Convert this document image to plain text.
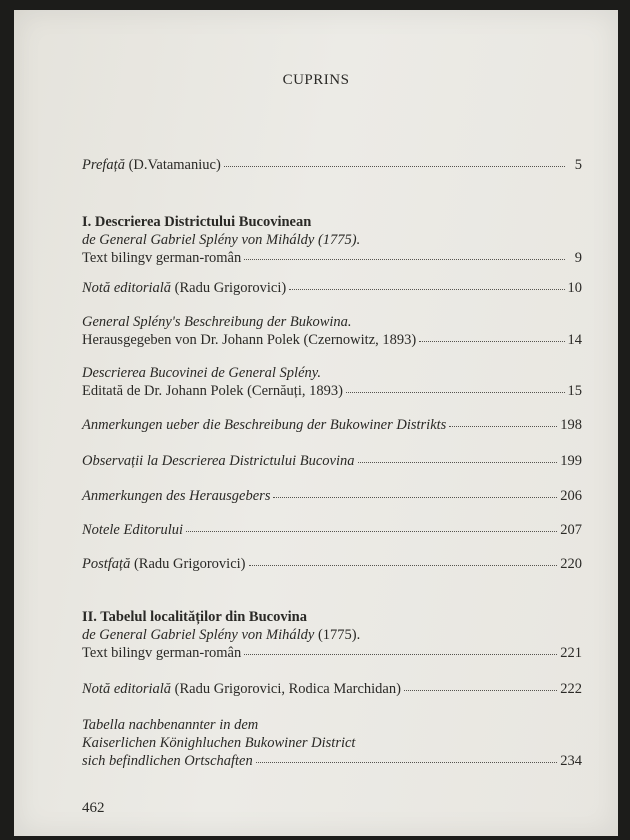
CUPRINS
Prefață (D.Vatamaniuc)	5
I. Descrierea Districtului Bucovinean
de General Gabriel Splény von Miháldy (1775).
Text bilingv german-român	9
Notă editorială (Radu Grigorovici)	10
General Splény's Beschreibung der Bukowina.
Herausgegeben von Dr. Johann Polek (Czernowitz, 1893)	14
Descrierea Bucovinei de General Splény.
Editată de Dr. Johann Polek (Cernăuți, 1893)	15
Anmerkungen ueber die Beschreibung der Bukowiner Distrikts	198
Observații la Descrierea Districtului Bucovina	199
Anmerkungen des Herausgebers	206
Notele Editorului	207
Postfață (Radu Grigorovici)	220
II. Tabelul localităților din Bucovina
de General Gabriel Splény von Miháldy (1775).
Text bilingv german-român	221
Notă editorială (Radu Grigorovici, Rodica Marchidan)	222
Tabella nachbenannter in dem
Kaiserlichen Könighluchen Bukowiner District
sich befindlichen Ortschaften	234
462
